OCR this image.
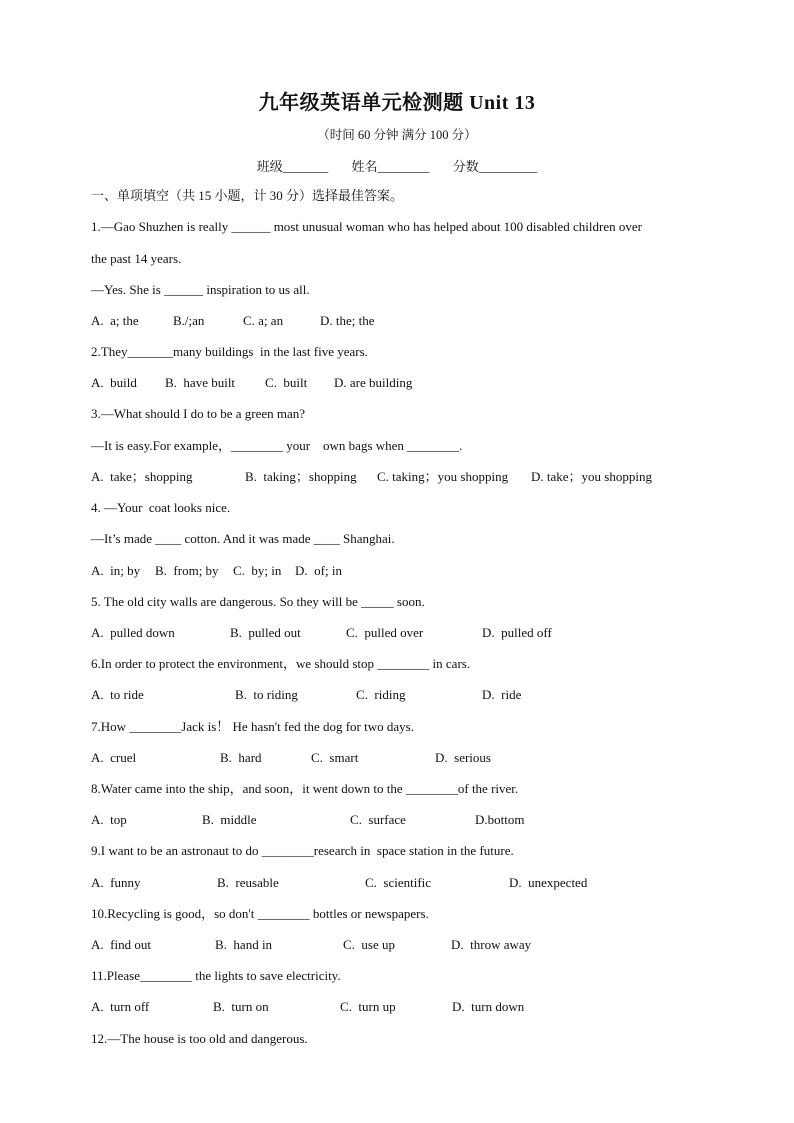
九年级英语单元检测题 Unit 13
（时间 60 分钟 满分 100 分）
班级_______ 姓名________ 分数_________
一、单项填空（共 15 小题，计 30 分）选择最佳答案。
1.—Gao Shuzhen is really ______ most unusual woman who has helped about 100 disabled children over
the past 14 years.
—Yes. She is ______ inspiration to us all.
A.  a; the	B./;an	C. a; an	D. the; the
2.They_______many buildings  in the last five years.
A.  build B.  have built C.  built D. are building
3.—What should I do to be a green man?
—It is easy.For example，________ your    own bags when ________.
A.  take；shopping	B.  taking；shopping C. taking；you shopping D. take；you shopping
4. —Your  coat looks nice.
—It’s made ____ cotton. And it was made ____ Shanghai.
A.  in; by B.  from; by C.  by; in D.  of; in
5. The old city walls are dangerous. So they will be _____ soon.
A.  pulled down	B.  pulled out	C.  pulled over	D.  pulled off
6.In order to protect the environment，we should stop ________ in cars.
A.  to ride	B.  to riding	C.  riding	D.  ride
7.How ________Jack is！ He hasn't fed the dog for two days.
A.  cruel	B.  hard	C.  smart	D.  serious
8.Water came into the ship，and soon，it went down to the ________of the river.
A.  top	B.  middle	C.  surface	D.bottom
9.I want to be an astronaut to do ________research in  space station in the future.
A.  funny	B.  reusable	C.  scientific	D.  unexpected
10.Recycling is good，so don't ________ bottles or newspapers.
A.  find out	B.  hand in	C.  use up	D.  throw away
11.Please________ the lights to save electricity.
A.  turn off	B.  turn on	C.  turn up	D.  turn down
12.—The house is too old and dangerous.
